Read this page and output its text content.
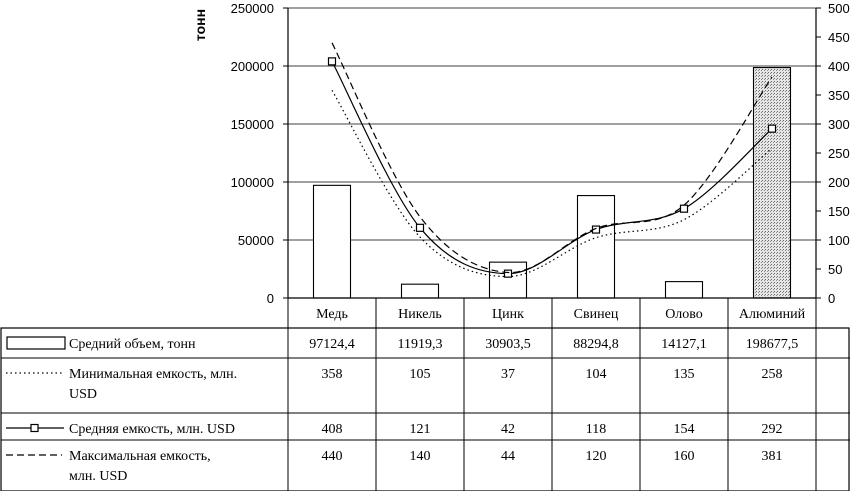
0
50000
100000
150000
200000
250000
0
50
100
150
200
250
300
350
400
450
500
тонн
Медь	Никель	Цинк	Свинец	Олово	Алюминий
Средний объем, тонн	97124,4	11919,3	30903,5	88294,8	14127,1	198677,5
Минимальная емкость, млн.
USD
358	105	37	104	135	258
Средняя емкость, млн. USD	408	121	42	118	154	292
Максимальная емкость,
млн. USD
440	140	44	120	160	381
